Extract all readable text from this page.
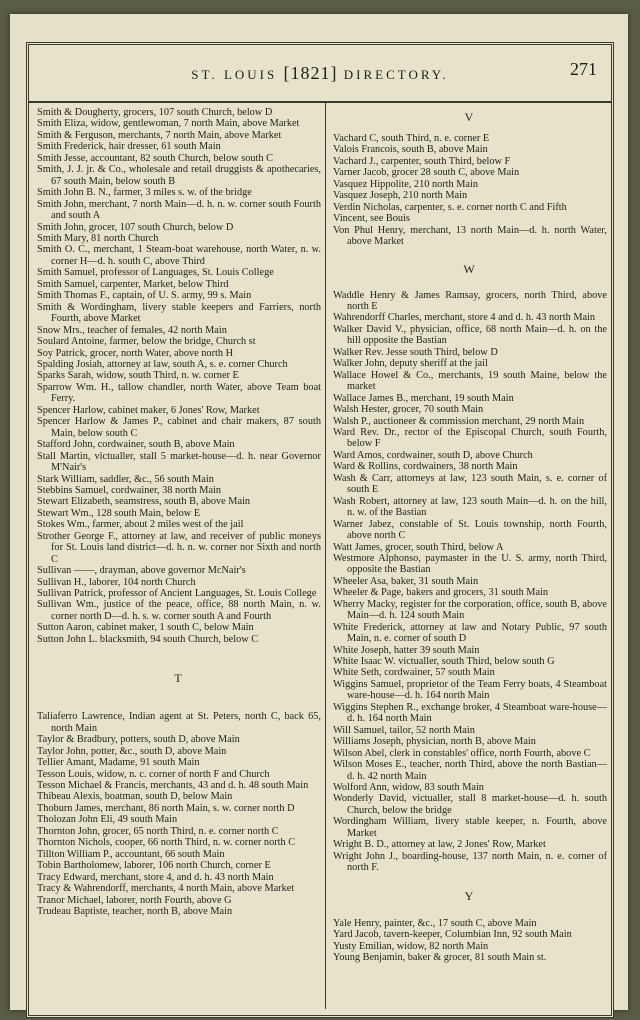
ST. LOUIS [1821] DIRECTORY.	271

Smith & Dougherty, grocers, 107 south Church, below D

Smith Eliza, widow, gentlewoman, 7 north Main, above Market

Smith & Ferguson, merchants, 7 north Main, above Market

Smith Frederick, hair dresser, 61 south Main

Smith Jesse, accountant, 82 south Church, below south C

Smith, J. J. jr. & Co., wholesale and retail druggists & apothecaries, 67 south Main, below south B

Smith John B. N., farmer, 3 miles s. w. of the bridge

Smith John, merchant, 7 north Main—d. h. n. w. corner south Fourth and south A

Smith John, grocer, 107 south Church, below D

Smith Mary, 81 north Church

Smith O. C., merchant, 1 Steam-boat warehouse, north Water, n. w. corner H—d. h. south C, above Third

Smith Samuel, professor of Languages, St. Louis College

Smith Samuel, carpenter, Market, below Third

Smith Thomas F., captain, of U. S. army, 99 s. Main

Smith & Wordingham, livery stable keepers and Farriers, north Fourth, above Market

Snow Mrs., teacher of females, 42 north Main

Soulard Antoine, farmer, below the bridge, Church st

Soy Patrick, grocer, north Water, above north H

Spalding Josiah, attorney at law, south A, s. e. corner Church

Sparks Sarah, widow, south Third, n. w. corner E

Sparrow Wm. H., tallow chandler, north Water, above Team boat Ferry.

Spencer Harlow, cabinet maker, 6 Jones' Row, Market

Spencer Harlow & James P., cabinet and chair makers, 87 south Main, below south C

Stafford John, cordwainer, south B, above Main

Stall Martin, victualler, stall 5 market-house—d. h. near Governor M'Nair's

Stark William, saddler, &c., 56 south Main

Stebbins Samuel, cordwainer, 38 north Main

Stewart Elizabeth, seamstress, south B, above Main

Stewart Wm., 128 south Main, below E

Stokes Wm., farmer, about 2 miles west of the jail

Strother George F., attorney at law, and receiver of public moneys for St. Louis land district—d. h. n. w. corner nor Sixth and north C

Sullivan ——, drayman, above governor McNair's

Sullivan H., laborer, 104 north Church

Sullivan Patrick, professor of Ancient Languages, St. Louis College

Sullivan Wm., justice of the peace, office, 88 north Main, n. w. corner north D—d. h. s. w. corner south A and Fourth

Sutton Aaron, cabinet maker, 1 south C, below Main

Sutton John L. blacksmith, 94 south Church, below C

T

Taliaferro Lawrence, Indian agent at St. Peters, north C, back 65, north Main

Taylor & Bradbury, potters, south D, above Main

Taylor John, potter, &c., south D, above Main

Tellier Amant, Madame, 91 south Main

Tesson Louis, widow, n. c. corner of north F and Church

Tesson Michael & Francis, merchants, 43 and d. h. 48 south Main

Thibeau Alexis, boatman, south D, below Main

Thoburn James, merchant, 86 north Main, s. w. corner north D

Tholozan John Eli, 49 south Main

Thornton John, grocer, 65 north Third, n. e. corner north C

Thornton Nichols, cooper, 66 north Third, n. w. corner north C

Tillton William P., accountant, 66 south Main

Tobin Bartholomew, laborer, 106 north Church, corner E

Tracy Edward, merchant, store 4, and d. h. 43 north Main

Tracy & Wahrendorff, merchants, 4 north Main, above Market

Tranor Michael, laborer, north Fourth, above G

Trudeau Baptiste, teacher, north B, above Main

V

Vachard C, south Third, n. e. corner E

Valois Francois, south B, above Main

Vachard J., carpenter, south Third, below F

Varner Jacob, grocer 28 south C, above Main

Vasquez Hippolite, 210 north Main

Vasquez Joseph, 210 north Main

Verdin Nicholas, carpenter, s. e. corner north C and Fifth

Vincent, see Bouis

Von Phul Henry, merchant, 13 north Main—d. h. north Water, above Market

W

Waddle Henry & James Ramsay, grocers, north Third, above north E

Wahrendorff Charles, merchant, store 4 and d. h. 43 north Main

Walker David V., physician, office, 68 north Main—d. h. on the hill opposite the Bastian

Walker Rev. Jesse south Third, below D

Walker John, deputy sheriff at the jail

Wallace Howel & Co., merchants, 19 south Maine, below the market

Wallace James B., merchant, 19 south Main

Walsh Hester, grocer, 70 south Main

Walsh P., auctioneer & commission merchant, 29 north Main

Ward Rev. Dr., rector of the Episcopal Church, south Fourth, below F

Ward Amos, cordwainer, south D, above Church

Ward & Rollins, cordwainers, 38 north Main

Wash & Carr, attorneys at law, 123 south Main, s. e. corner of south E

Wash Robert, attorney at law, 123 south Main—d. h. on the hill, n. w. of the Bastian

Warner Jabez, constable of St. Louis township, north Fourth, above north C

Watt James, grocer, south Third, below A

Westmore Alphonso, paymaster in the U. S. army, north Third, opposite the Bastian

Wheeler Asa, baker, 31 south Main

Wheeler & Page, bakers and grocers, 31 south Main

Wherry Macky, register for the corporation, office, south B, above Main—d. h. 124 south Main

White Frederick, attorney at law and Notary Public, 97 south Main, n. e. corner of south D

White Joseph, hatter 39 south Main

White Isaac W. victualler, south Third, below south G

White Seth, cordwainer, 57 south Main

Wiggins Samuel, proprietor of the Team Ferry boats, 4 Steamboat ware-house—d. h. 164 north Main

Wiggins Stephen R., exchange broker, 4 Steamboat ware-house—d. h. 164 north Main

Will Samuel, tailor, 52 north Main

Williams Joseph, physician, north B, above Main

Wilson Abel, clerk in constables' office, north Fourth, above C

Wilson Moses E., teacher, north Third, above the north Bastian—d. h. 42 north Main

Wolford Ann, widow, 83 south Main

Wonderly David, victualler, stall 8 market-house—d. h. south Church, below the bridge

Wordingham William, livery stable keeper, n. Fourth, above Market

Wright B. D., attorney at law, 2 Jones' Row, Market

Wright John J., boarding-house, 137 north Main, n. e. corner of north F.

Y

Yale Henry, painter, &c., 17 south C, above Main

Yard Jacob, tavern-keeper, Columbian Inn, 92 south Main

Yusty Emilian, widow, 82 north Main

Young Benjamin, baker & grocer, 81 south Main st.
